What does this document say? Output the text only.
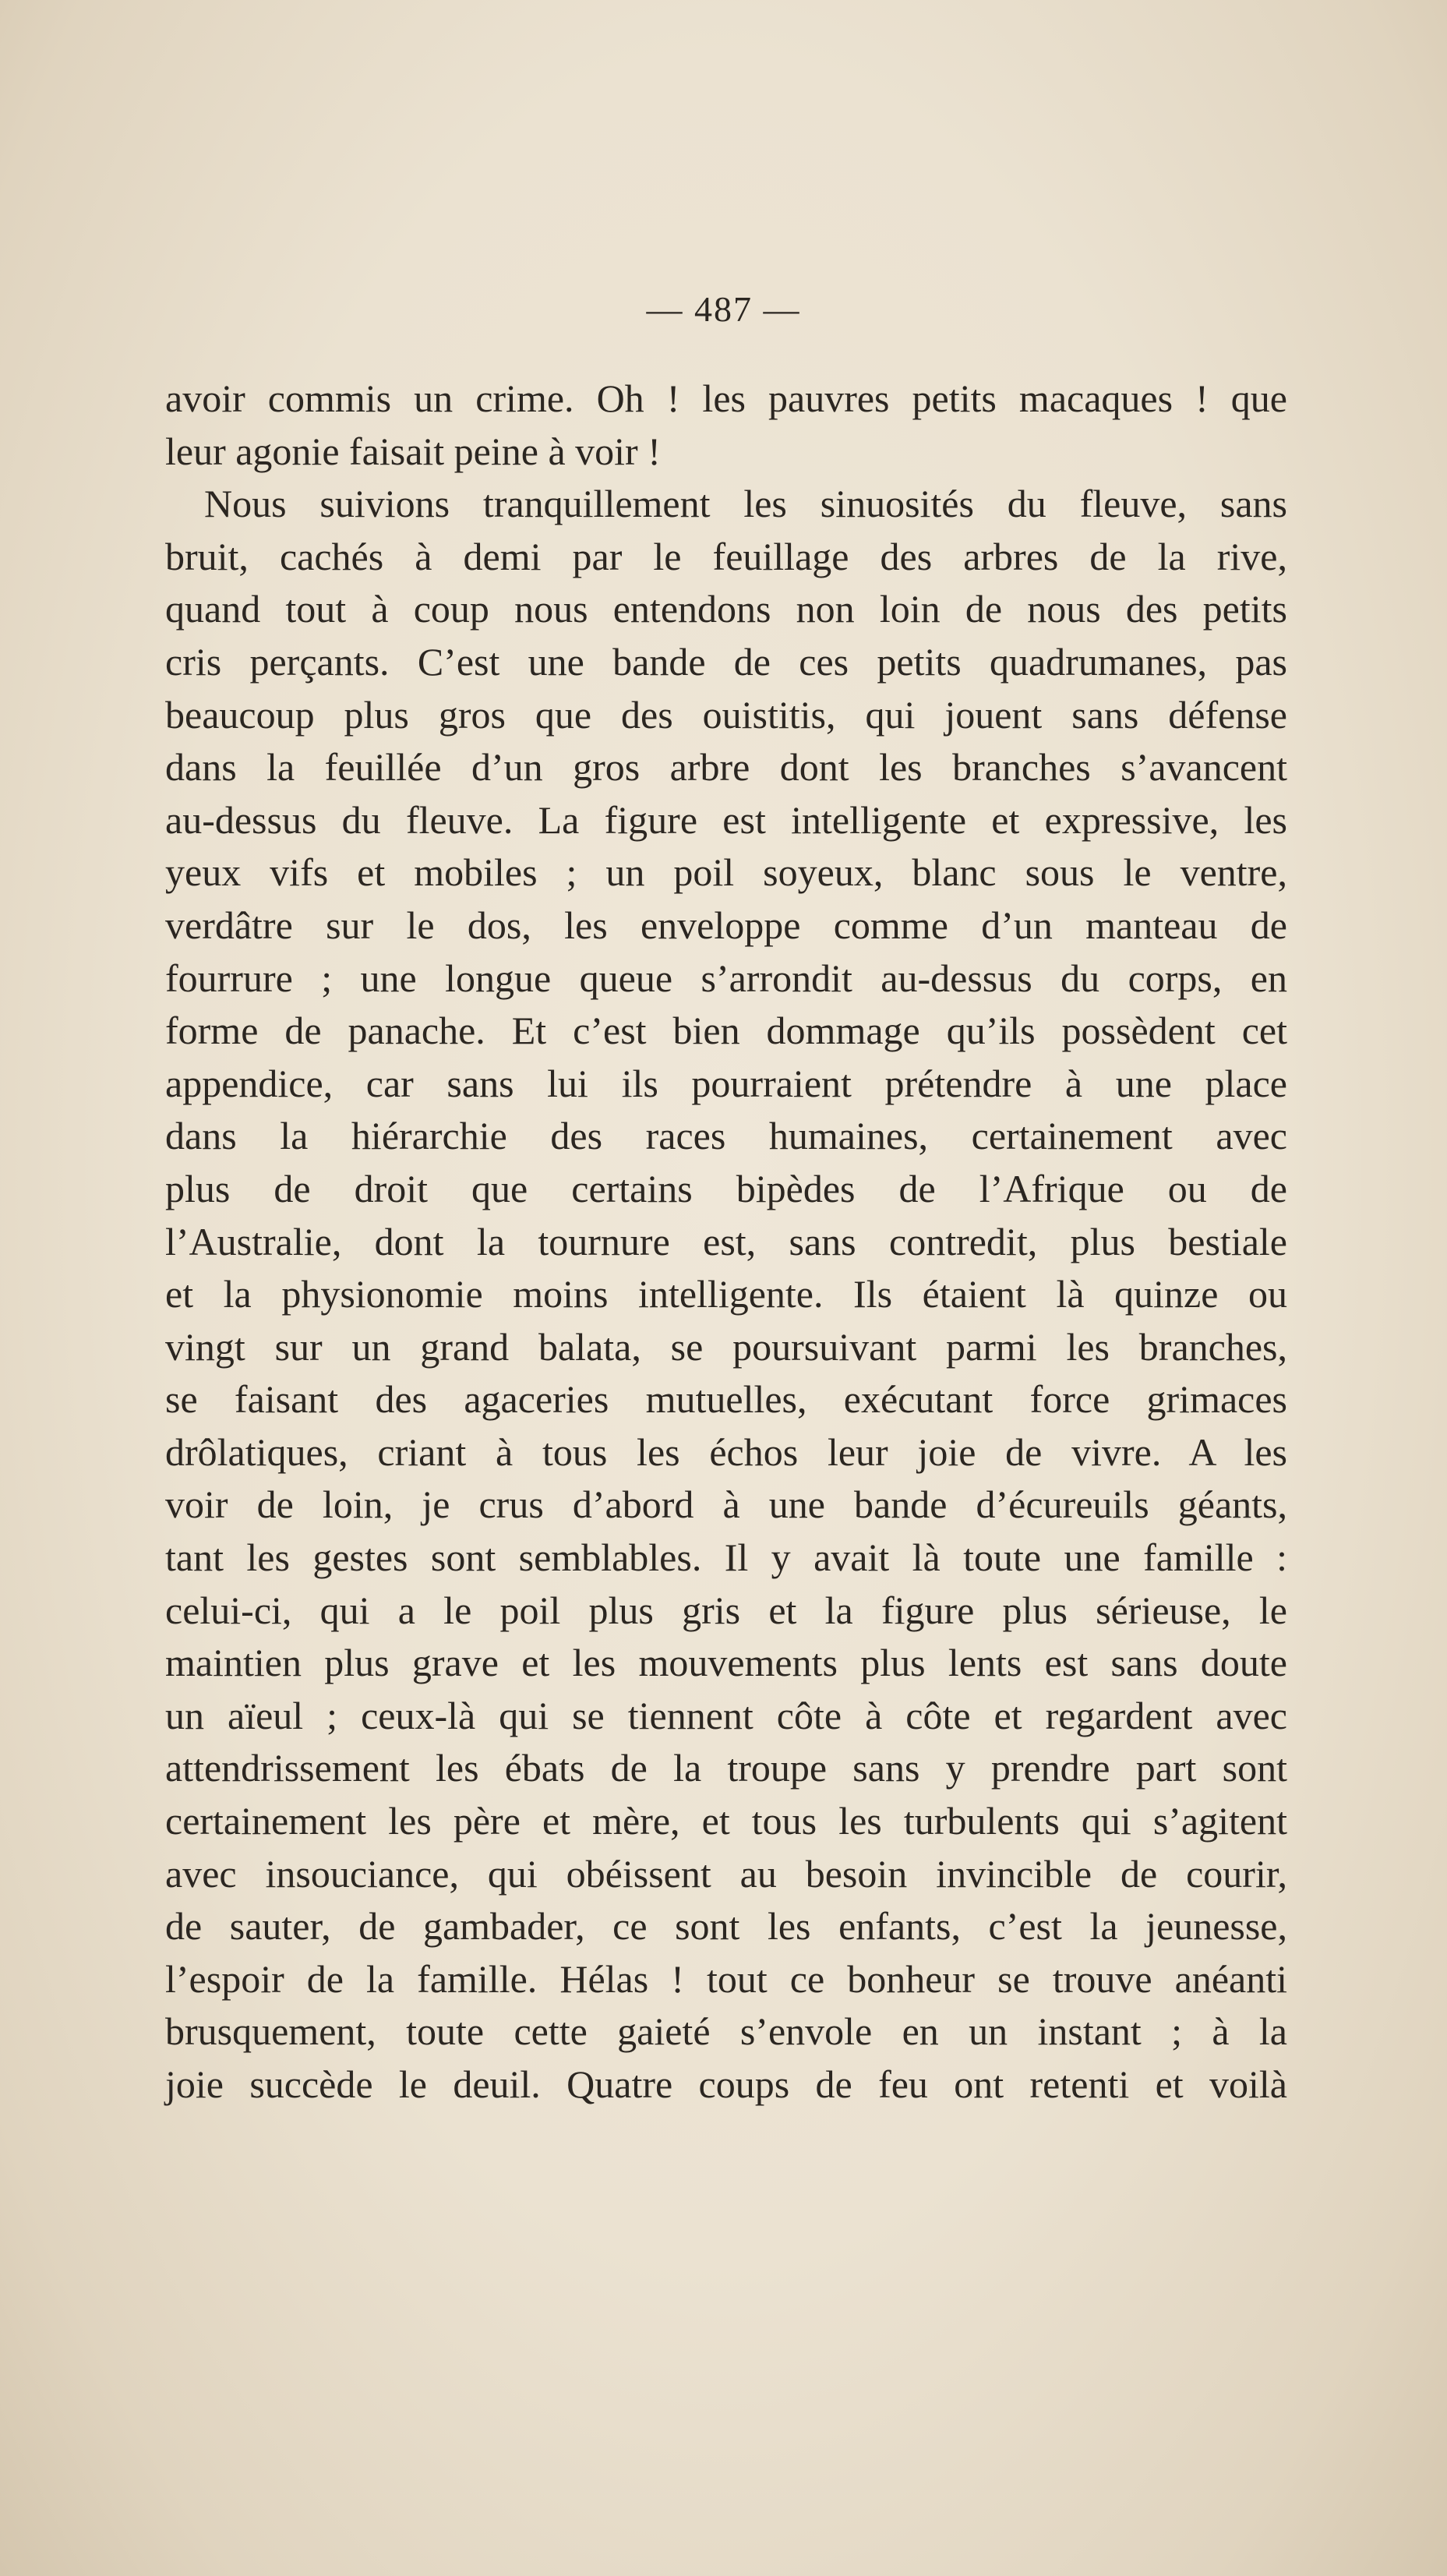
— 487 —
avoir commis un crime. Oh ! les pauvres petits macaques ! que
leur agonie faisait peine à voir !
Nous suivions tranquillement les sinuosités du fleuve, sans
bruit, cachés à demi par le feuillage des arbres de la rive,
quand tout à coup nous entendons non loin de nous des petits
cris perçants. C’est une bande de ces petits quadrumanes, pas
beaucoup plus gros que des ouistitis, qui jouent sans défense
dans la feuillée d’un gros arbre dont les branches s’avancent
au-dessus du fleuve. La figure est intelligente et expressive, les
yeux vifs et mobiles ; un poil soyeux, blanc sous le ventre,
verdâtre sur le dos, les enveloppe comme d’un manteau de
fourrure ; une longue queue s’arrondit au-dessus du corps, en
forme de panache. Et c’est bien dommage qu’ils possèdent cet
appendice, car sans lui ils pourraient prétendre à une place
dans la hiérarchie des races humaines, certainement avec
plus de droit que certains bipèdes de l’Afrique ou de
l’Australie, dont la tournure est, sans contredit, plus bestiale
et la physionomie moins intelligente. Ils étaient là quinze ou
vingt sur un grand balata, se poursuivant parmi les branches,
se faisant des agaceries mutuelles, exécutant force grimaces
drôlatiques, criant à tous les échos leur joie de vivre. A les
voir de loin, je crus d’abord à une bande d’écureuils géants,
tant les gestes sont semblables. Il y avait là toute une famille :
celui-ci, qui a le poil plus gris et la figure plus sérieuse, le
maintien plus grave et les mouvements plus lents est sans doute
un aïeul ; ceux-là qui se tiennent côte à côte et regardent avec
attendrissement les ébats de la troupe sans y prendre part sont
certainement les père et mère, et tous les turbulents qui s’agitent
avec insouciance, qui obéissent au besoin invincible de courir,
de sauter, de gambader, ce sont les enfants, c’est la jeunesse,
l’espoir de la famille. Hélas ! tout ce bonheur se trouve anéanti
brusquement, toute cette gaieté s’envole en un instant ; à la
joie succède le deuil. Quatre coups de feu ont retenti et voilà
